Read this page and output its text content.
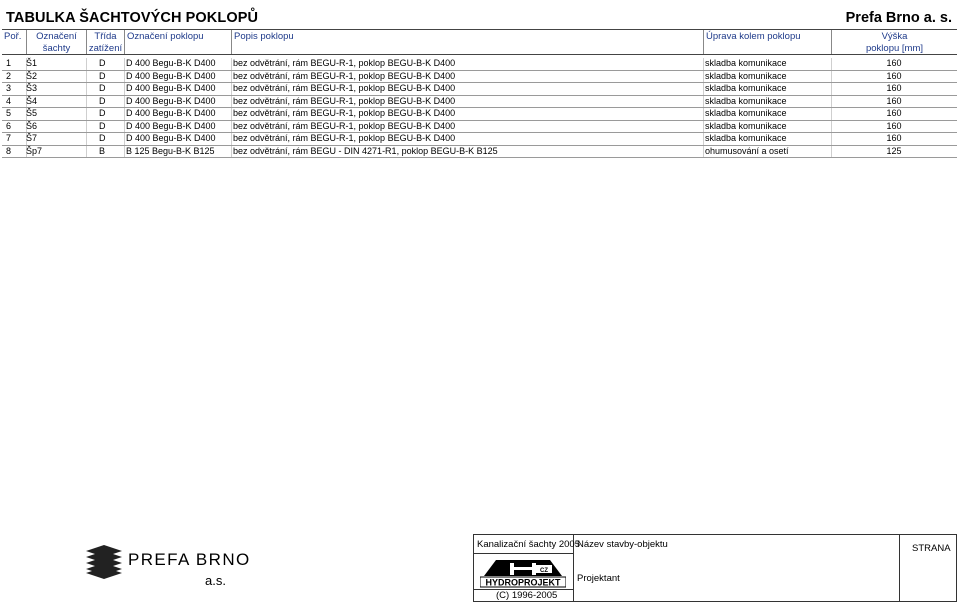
TABULKA ŠACHTOVÝCH POKLOPŮ	Prefa Brno a. s.
Poř.	Označení
šachty
Třída
zatížení
Označení poklopu	Popis poklopu	Úprava kolem poklopu	Výška
poklopu [mm]
1	Š1	D	D 400 Begu-B-K D400	bez odvětrání, rám BEGU-R-1, poklop BEGU-B-K D400	skladba komunikace	160
2	Š2	D	D 400 Begu-B-K D400	bez odvětrání, rám BEGU-R-1, poklop BEGU-B-K D400	skladba komunikace	160
3	Š3	D	D 400 Begu-B-K D400	bez odvětrání, rám BEGU-R-1, poklop BEGU-B-K D400	skladba komunikace	160
4	Š4	D	D 400 Begu-B-K D400	bez odvětrání, rám BEGU-R-1, poklop BEGU-B-K D400	skladba komunikace	160
5	Š5	D	D 400 Begu-B-K D400	bez odvětrání, rám BEGU-R-1, poklop BEGU-B-K D400	skladba komunikace	160
6	Š6	D	D 400 Begu-B-K D400	bez odvětrání, rám BEGU-R-1, poklop BEGU-B-K D400	skladba komunikace	160
7	Š7	D	D 400 Begu-B-K D400	bez odvětrání, rám BEGU-R-1, poklop BEGU-B-K D400	skladba komunikace	160
8	Šp7	B	B 125 Begu-B-K B125	bez odvětrání, rám BEGU - DIN 4271-R1, poklop BEGU-B-K B125	ohumusování a osetí	125
PREFA BRNO
a.s.
Kanalizační šachty 2005
Název stavby-objektu
Projektant
STRANA
(C) 1996-2005
CZ
HYDROPROJEKT
